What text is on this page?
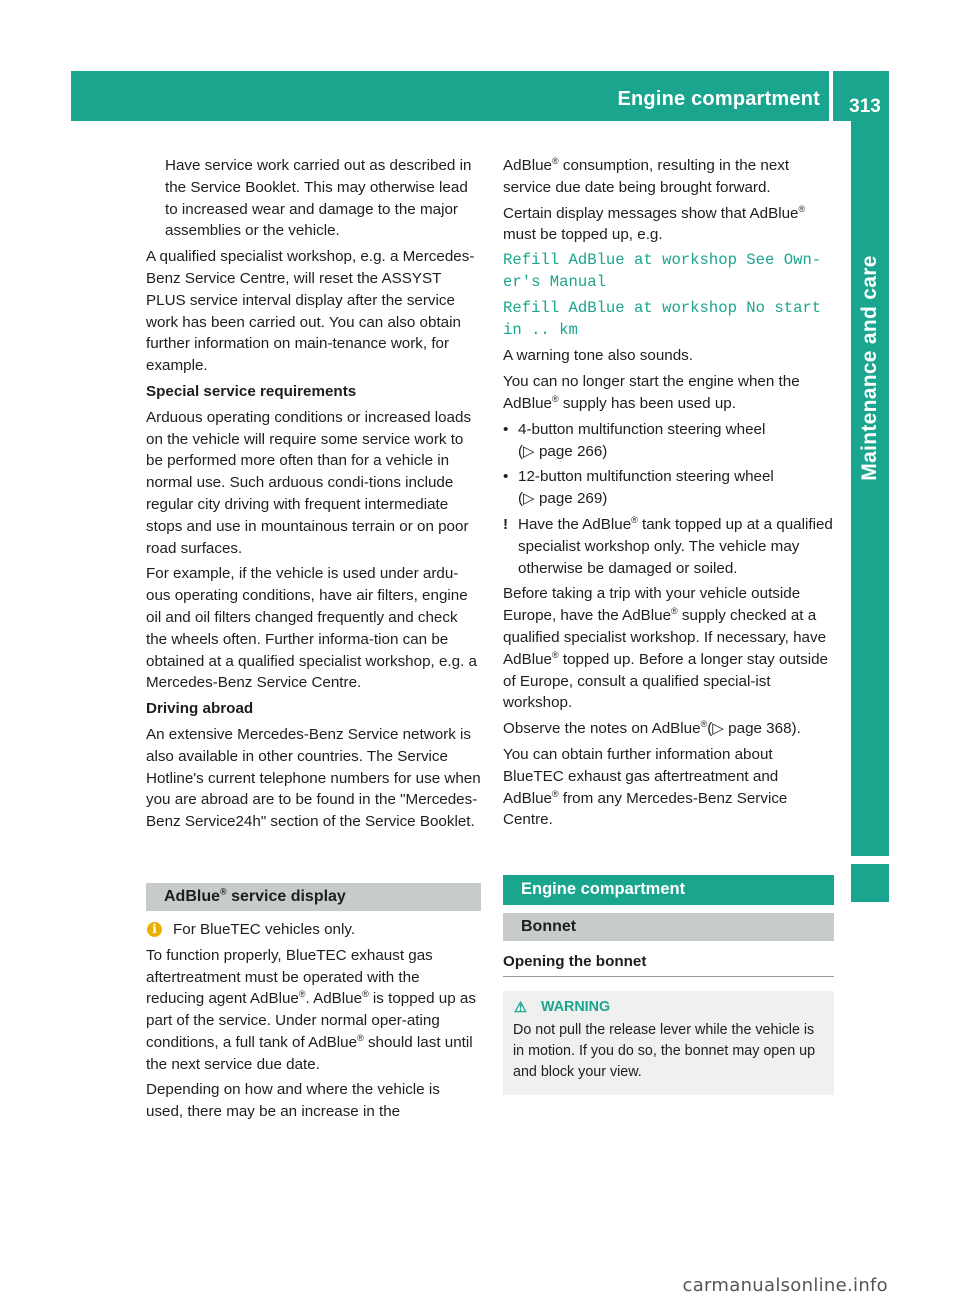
Engine compartment	313
Maintenance and care

Have service work carried out as described in the Service Booklet. This may otherwise lead to increased wear and damage to the major assemblies or the vehicle.

A qualified specialist workshop, e.g. a Mercedes-Benz Service Centre, will reset the ASSYST PLUS service interval display after the service work has been carried out. You can also obtain further information on main-tenance work, for example.

Special service requirements

Arduous operating conditions or increased loads on the vehicle will require some service work to be performed more often than for a vehicle in normal use. Such arduous condi-tions include regular city driving with frequent intermediate stops and use in mountainous terrain or on poor road surfaces.

For example, if the vehicle is used under ardu-ous operating conditions, have air filters, engine oil and oil filters changed frequently and check the wheels often. Further informa-tion can be obtained at a qualified specialist workshop, e.g. a Mercedes-Benz Service Centre.

Driving abroad

An extensive Mercedes-Benz Service network is also available in other countries. The Service Hotline's current telephone numbers for use when you are abroad are to be found in the "Mercedes-Benz Service24h" section of the Service Booklet.

AdBlue® service display

i	For BlueTEC vehicles only.

To function properly, BlueTEC exhaust gas aftertreatment must be operated with the reducing agent AdBlue®. AdBlue® is topped up as part of the service. Under normal oper-ating conditions, a full tank of AdBlue® should last until the next service due date.

Depending on how and where the vehicle is used, there may be an increase in the

AdBlue® consumption, resulting in the next service due date being brought forward.

Certain display messages show that AdBlue® must be topped up, e.g.

Refill AdBlue at workshop See Own‐ er's Manual

Refill AdBlue at workshop No start in .. km

A warning tone also sounds.

You can no longer start the engine when the AdBlue® supply has been used up.

• 4-button multifunction steering wheel
(▷ page 266)

• 12-button multifunction steering wheel
(▷ page 269)

! Have the AdBlue® tank topped up at a qualified specialist workshop only. The vehicle may otherwise be damaged or soiled.

Before taking a trip with your vehicle outside Europe, have the AdBlue® supply checked at a qualified specialist workshop. If necessary, have AdBlue® topped up. Before a longer stay outside of Europe, consult a qualified special-ist workshop.

Observe the notes on AdBlue®(▷ page 368).

You can obtain further information about BlueTEC exhaust gas aftertreatment and AdBlue® from any Mercedes-Benz Service Centre.

Engine compartment
Bonnet

Opening the bonnet

⚠ WARNING
Do not pull the release lever while the vehicle is in motion. If you do so, the bonnet may open up and block your view.
carmanualsonline.info
